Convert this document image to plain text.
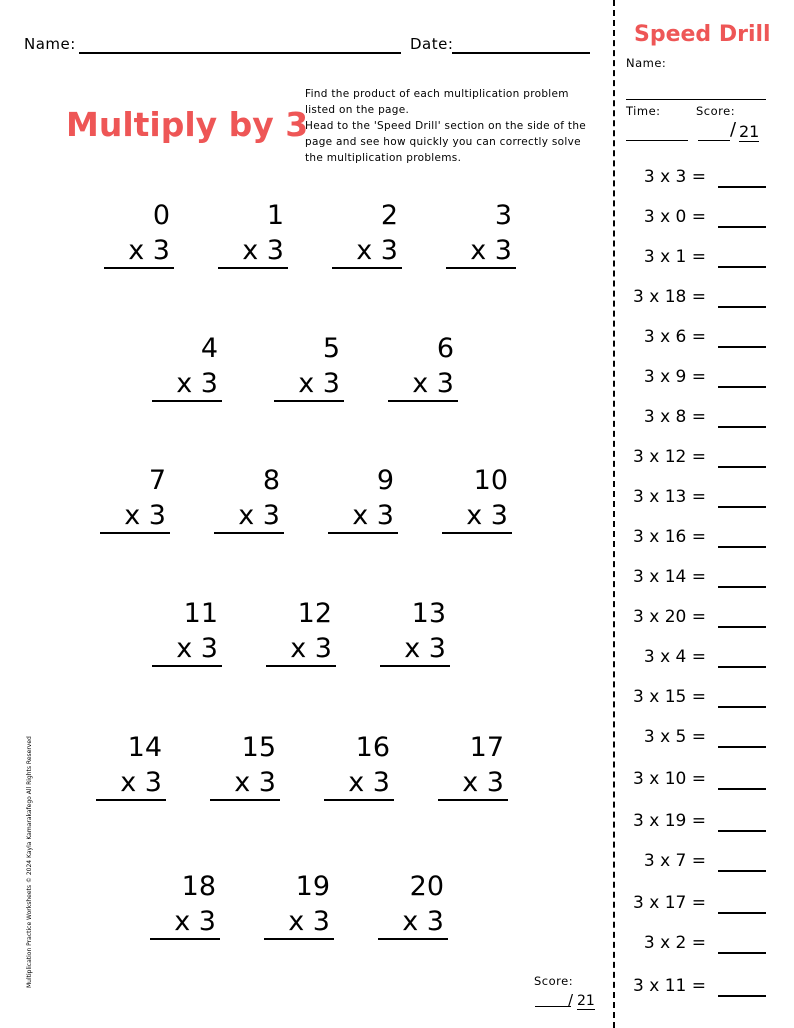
Name:	Date:
Multiply by 3
Find the product of each multiplication problem listed on the page.
Head to the 'Speed Drill' section on the side of the page and see how quickly you can correctly solve the multiplication problems.
0
x 3
1
x 3
2
x 3
3
x 3
4
x 3
5
x 3
6
x 3
7
x 3
8
x 3
9
x 3
10
x 3
11
x 3
12
x 3
13
x 3
14
x 3
15
x 3
16
x 3
17
x 3
18
x 3
19
x 3
20
x 3
Score:
/ 21
Multiplication Practice Worksheets © 2024 Kayla Kamarakafego All Rights Reserved
Speed Drill
Name:
Time:	Score:
/ 21
3 x 3 =
3 x 0 =
3 x 1 =
3 x 18 =
3 x 6 =
3 x 9 =
3 x 8 =
3 x 12 =
3 x 13 =
3 x 16 =
3 x 14 =
3 x 20 =
3 x 4 =
3 x 15 =
3 x 5 =
3 x 10 =
3 x 19 =
3 x 7 =
3 x 17 =
3 x 2 =
3 x 11 =
